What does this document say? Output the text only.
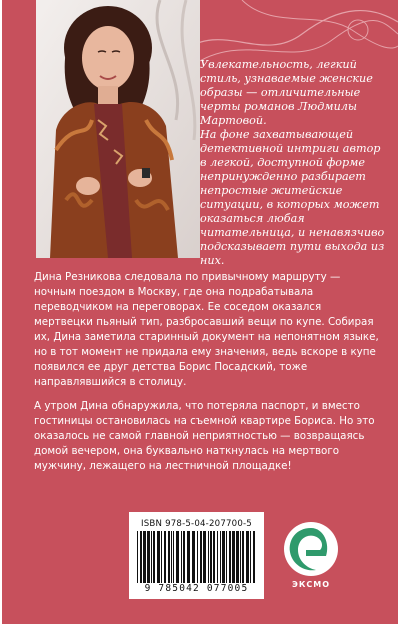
Увлекательность, легкий стиль, узнаваемые женские образы — отличительные черты романов Людмилы Мартовой.

На фоне захватывающей детективной интриги автор в легкой, доступной форме непринужденно разбирает непростые житейские ситуации, в которых может оказаться любая читательница, и ненавязчиво подсказывает пути выхода из них.

Дина Резникова следовала по привычному маршруту — ночным поездом в Москву, где она подрабатывала переводчиком на переговорах. Ее соседом оказался мертвецки пьяный тип, разбросавший вещи по купе. Собирая их, Дина заметила старинный документ на непонятном языке, но в тот момент не придала ему значения, ведь вскоре в купе появился ее друг детства Борис Посадский, тоже направлявшийся в столицу.

А утром Дина обнаружила, что потеряла паспорт, и вместо гостиницы остановилась на съемной квартире Бориса. Но это оказалось не самой главной неприятностью — возвращаясь домой вечером, она буквально наткнулась на мертвого мужчину, лежащего на лестничной площадке!

ISBN 978-5-04-207700-5
9 785042 077005	ЭКСМО
